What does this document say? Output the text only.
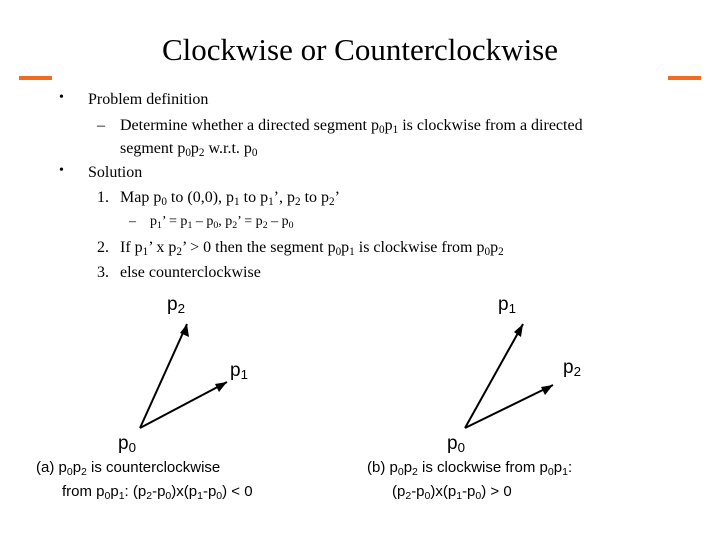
Clockwise or Counterclockwise
• Problem definition
– Determine whether a directed segment $p_0p_1$ is clockwise from a directed
segment $p_0p_2$ w.r.t. $p_0$
• Solution
1. Map $p_0$ to (0,0), $p_1$ to $p_1$’, $p_2$ to $p_2$’
– $p_1$’ = $p_1 - p_0$, $p_2$’ = $p_2 - p_0$
2. If $p_1$’ x $p_2$’ > 0 then the segment $p_0p_1$ is clockwise from $p_0p_2$
3. else counterclockwise
$p_2$
$p_1$
$p_0$
(a) $p_0p_2$ is counterclockwise
from $p_0p_1$: $(p_2-p_0)x(p_1-p_0) < 0$
$p_1$
$p_2$
$p_0$
(b) $p_0p_2$ is clockwise from $p_0p_1$:
$(p_2-p_0)x(p_1-p_0) > 0$
